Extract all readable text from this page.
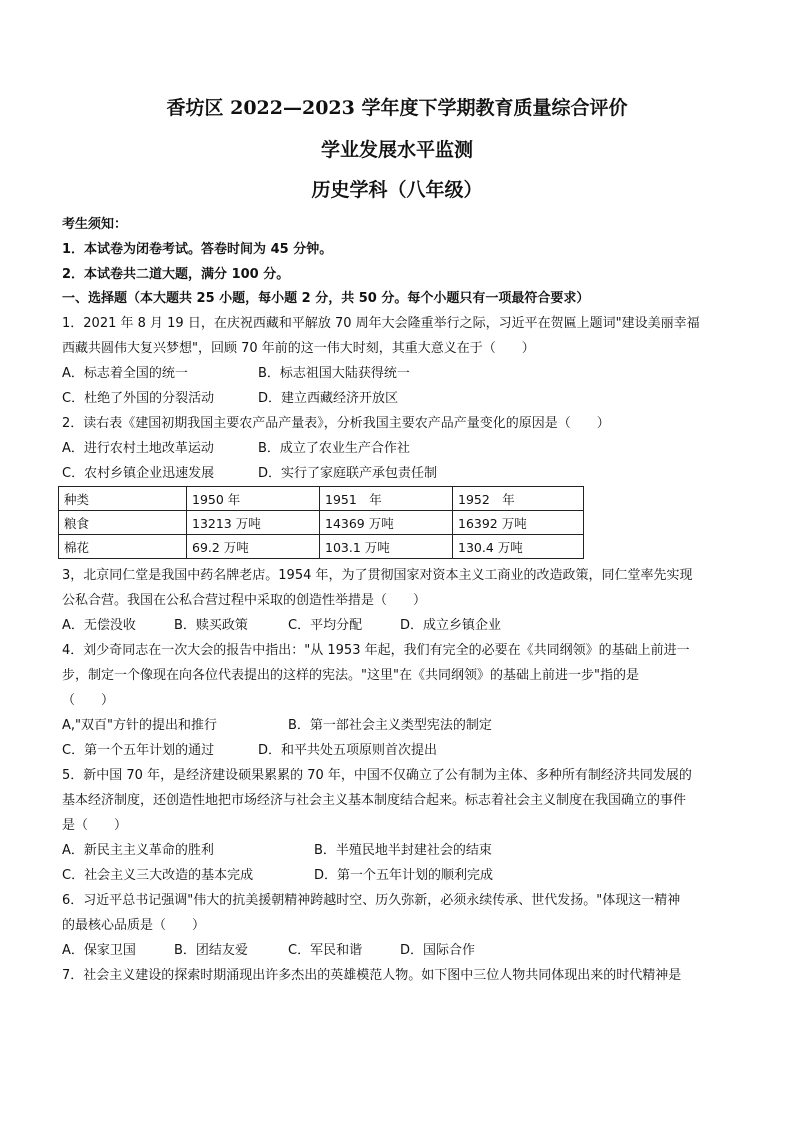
香坊区 2022—2023 学年度下学期教育质量综合评价
学业发展水平监测
历史学科（八年级）
考生须知：
1．本试卷为闭卷考试。答卷时间为 45 分钟。
2．本试卷共二道大题，满分 100 分。
一、选择题（本大题共 25 小题，每小题 2 分，共 50 分。每个小题只有一项最符合要求）
1．2021 年 8 月 19 日，在庆祝西藏和平解放 70 周年大会隆重举行之际，习近平在贺匾上题词"建设美丽幸福
西藏共圆伟大复兴梦想"，回顾 70 年前的这一伟大时刻，其重大意义在于（　　）
A．标志着全国的统一	B．标志祖国大陆获得统一
C．杜绝了外国的分裂活动	D．建立西藏经济开放区
2．读右表《建国初期我国主要农产品产量表》，分析我国主要农产品产量变化的原因是（　　）
A．进行农村土地改革运动	B．成立了农业生产合作社
C．农村乡镇企业迅速发展	D．实行了家庭联产承包责任制
种类	1950 年	1951　年	1952　年
粮食	13213 万吨	14369 万吨	16392 万吨
棉花	69.2 万吨	103.1 万吨	130.4 万吨
3，北京同仁堂是我国中药名牌老店。1954 年，为了贯彻国家对资本主义工商业的改造政策，同仁堂率先实现
公私合营。我国在公私合营过程中采取的创造性举措是（　　）
A．无偿没收	B．赎买政策	C．平均分配	D．成立乡镇企业
4．刘少奇同志在一次大会的报告中指出："从 1953 年起，我们有完全的必要在《共同纲领》的基础上前进一
步，制定一个像现在向各位代表提出的这样的宪法。"这里"在《共同纲领》的基础上前进一步"指的是
（　　）
A,"双百"方针的提出和推行	B．第一部社会主义类型宪法的制定
C．第一个五年计划的通过	D．和平共处五项原则首次提出
5．新中国 70 年，是经济建设硕果累累的 70 年，中国不仅确立了公有制为主体、多种所有制经济共同发展的
基本经济制度，还创造性地把市场经济与社会主义基本制度结合起来。标志着社会主义制度在我国确立的事件
是（　　）
A．新民主主义革命的胜利	B．半殖民地半封建社会的结束
C．社会主义三大改造的基本完成	D．第一个五年计划的顺利完成
6．习近平总书记强调"伟大的抗美援朝精神跨越时空、历久弥新，必须永续传承、世代发扬。"体现这一精神
的最核心品质是（　　）
A．保家卫国	B．团结友爱	C．军民和谐	D．国际合作
7．社会主义建设的探索时期涌现出许多杰出的英雄模范人物。如下图中三位人物共同体现出来的时代精神是
